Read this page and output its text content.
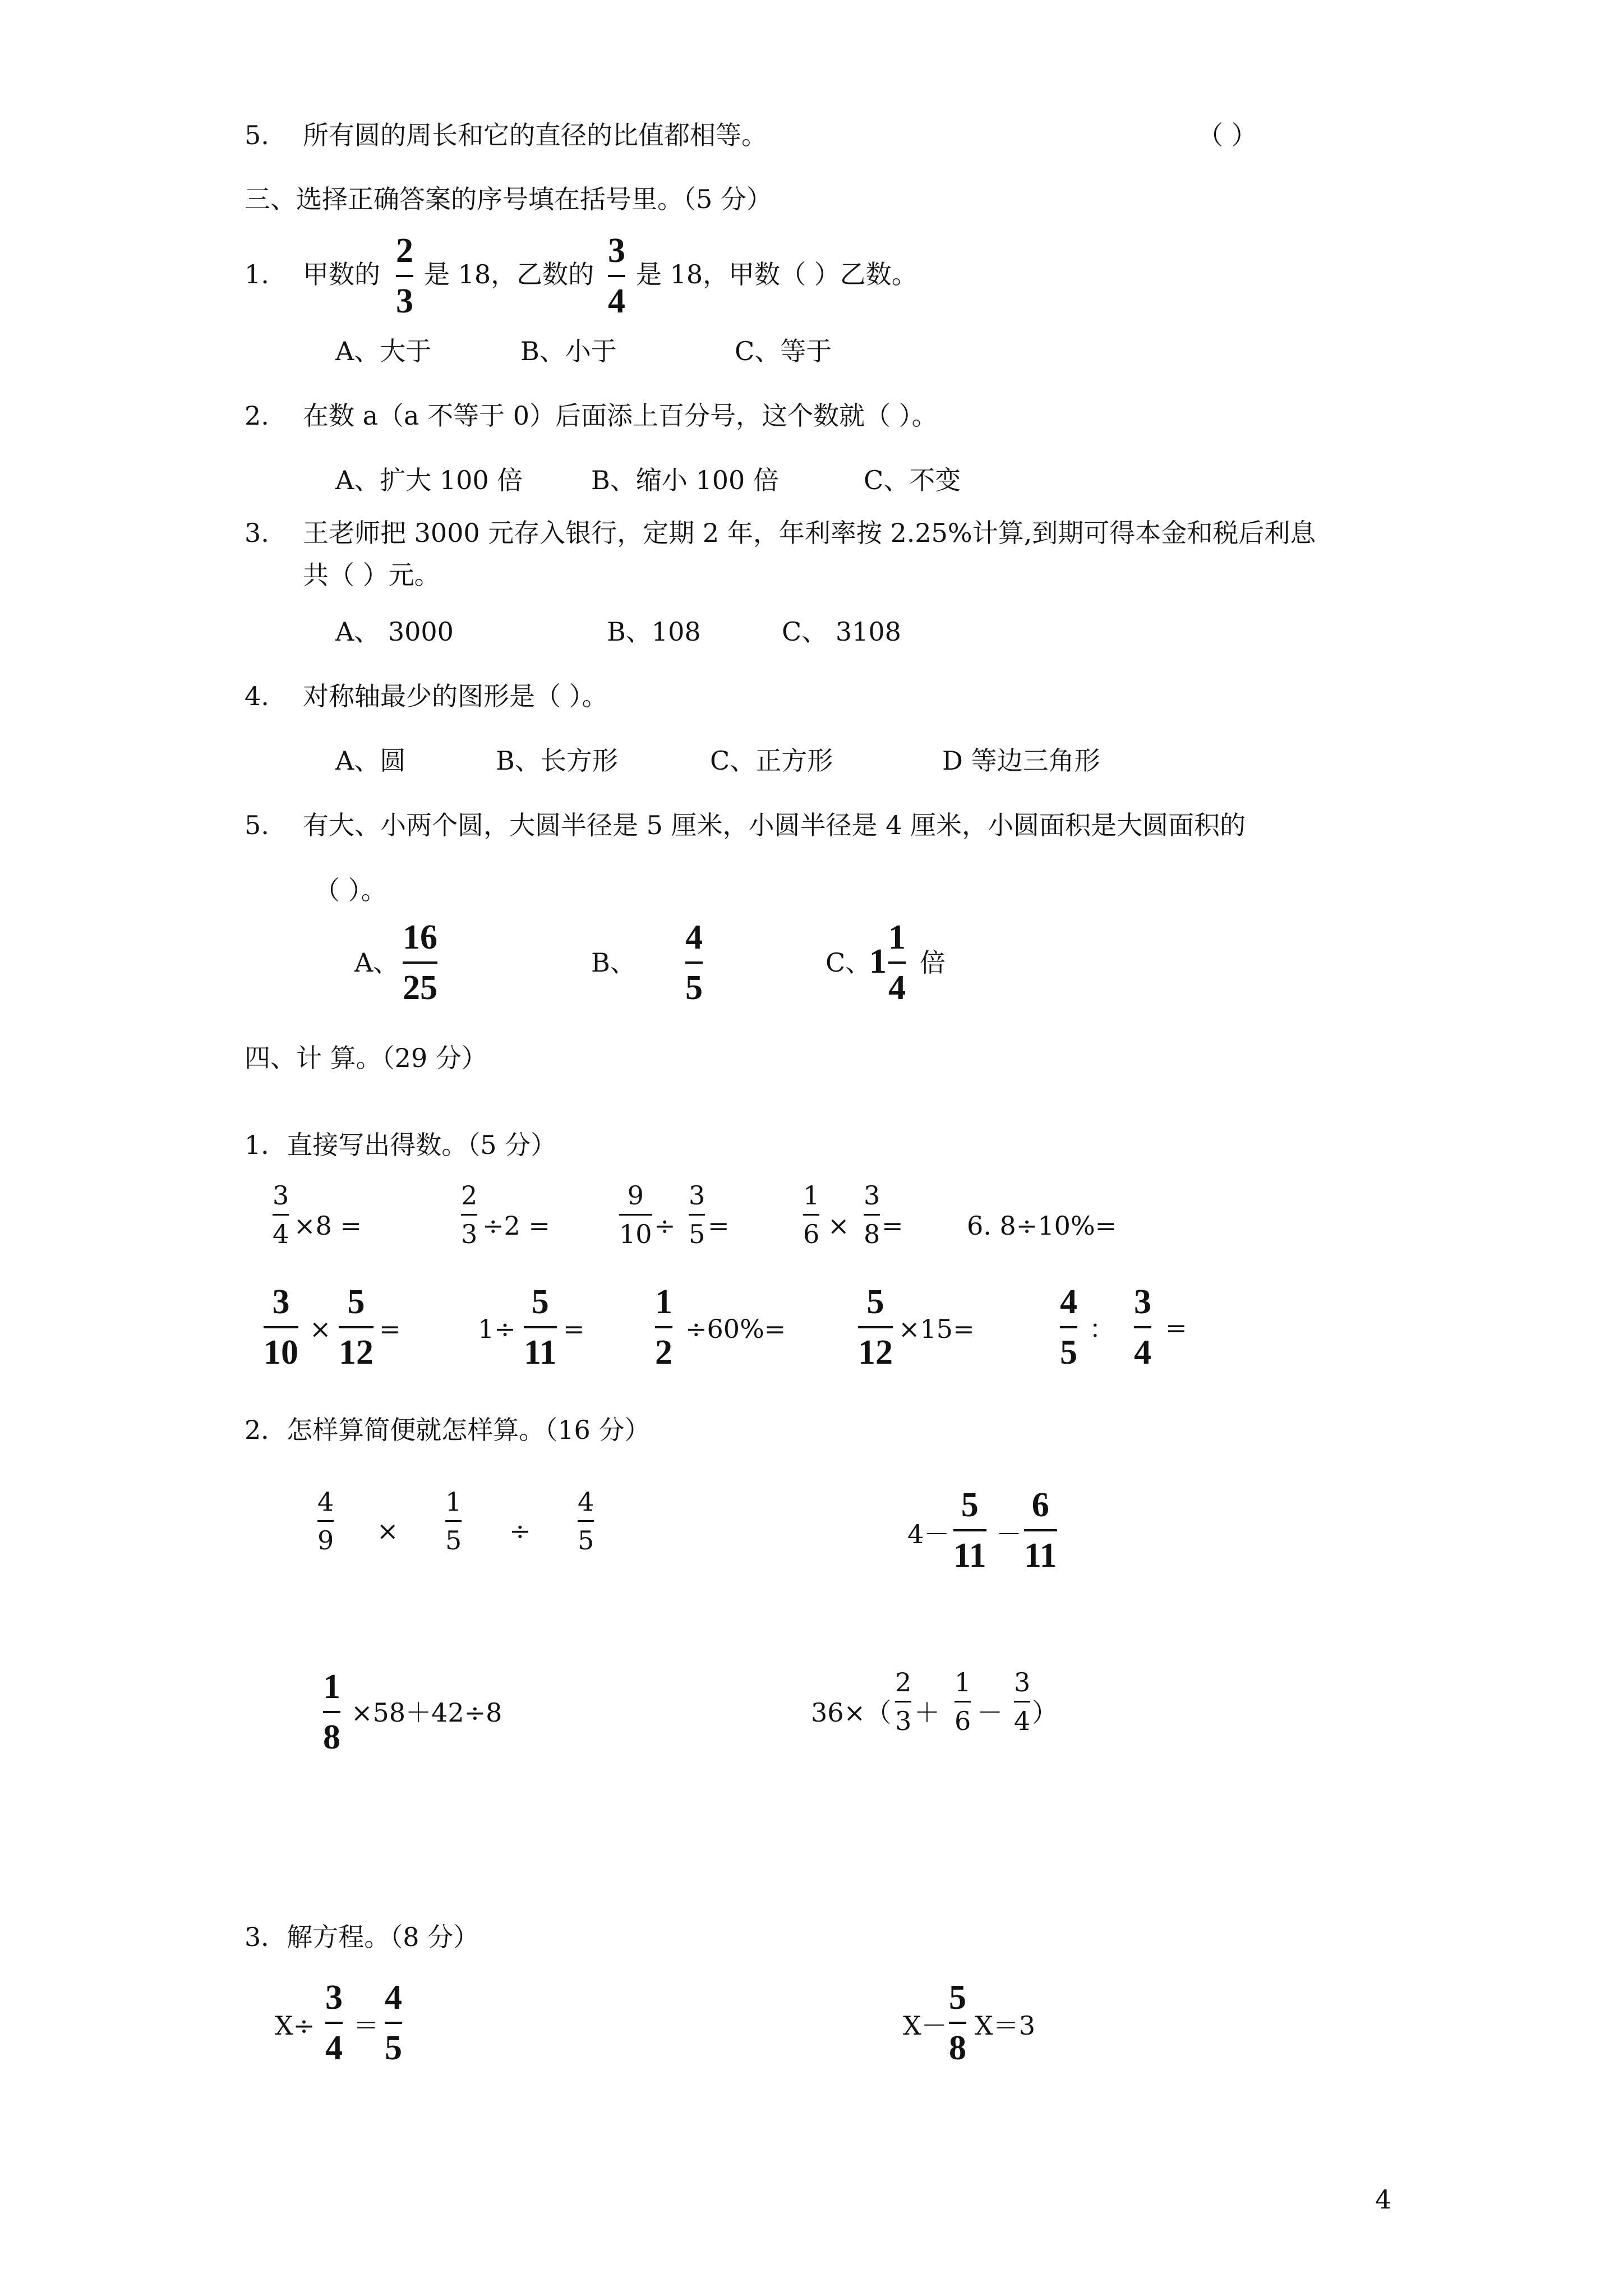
5. 所有圆的周长和它的直径的比值都相等。	（ ）
三、选择正确答案的序号填在括号里。（5 分）
1. 甲数的
2
3
是 18，乙数的
3
4
是 18，甲数（ ）乙数。
A、大于	B、小于	C、等于
2. 在数 a（a 不等于 0）后面添上百分号，这个数就（ ）。
A、扩大 100 倍	B、缩小 100 倍	C、不变
3. 王老师把 3000 元存入银行，定期 2 年，年利率按 2.25%计算,到期可得本金和税后利息
共（ ）元。
A、 3000	B、108	C、 3108
4. 对称轴最少的图形是（ ）。
A、圆	B、长方形	C、正方形	D 等边三角形
5. 有大、小两个圆，大圆半径是 5 厘米，小圆半径是 4 厘米，小圆面积是大圆面积的
（ ）。
A、
16
25
B、
4
5
C、
1
1
4
倍
四、计 算。（29 分）
1．直接写出得数。（5 分）
3
4 ×8 =
2
3 ÷2 =
9
10 ÷
3
5 =
1
6 ×
3
8 = 6. 8÷10%=
3
10
×
5
12
=	1÷
5
11
=
1
2
÷60%=
5
12
×15=
4
5
：
3
4
=
2．怎样算简便就怎样算。（16 分）
4
9 ×
1
5 ÷
4
5	4－
5
11
－
6
11
1
8
×58＋42÷8	36×（
2
3 ＋
1
6 －
3
4 ）
3．解方程。（8 分）
X÷
3
4
＝
4
5
X－
5
8
X＝3
4
